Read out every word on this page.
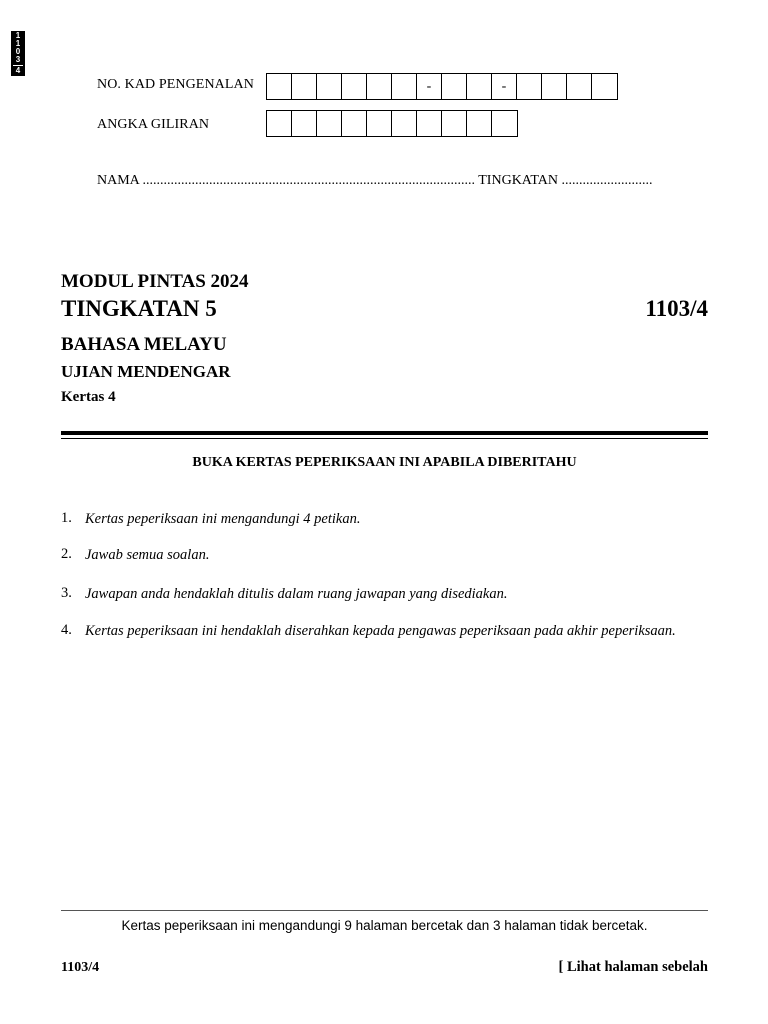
1
1
0
3
4
NO. KAD PENGENALAN	-	-
ANGKA GILIRAN
NAMA ............................................................................................... TINGKATAN ..........................
MODUL PINTAS 2024
TINGKATAN 5	1103/4
BAHASA MELAYU
UJIAN MENDENGAR
Kertas 4
BUKA KERTAS PEPERIKSAAN INI APABILA DIBERITAHU
1. Kertas peperiksaan ini mengandungi 4 petikan.
2. Jawab semua soalan.
3. Jawapan anda hendaklah ditulis dalam ruang jawapan yang disediakan.
4. Kertas peperiksaan ini hendaklah diserahkan kepada pengawas peperiksaan pada akhir peperiksaan.
Kertas peperiksaan ini mengandungi 9 halaman bercetak dan 3 halaman tidak bercetak.
1103/4	[ Lihat halaman sebelah
